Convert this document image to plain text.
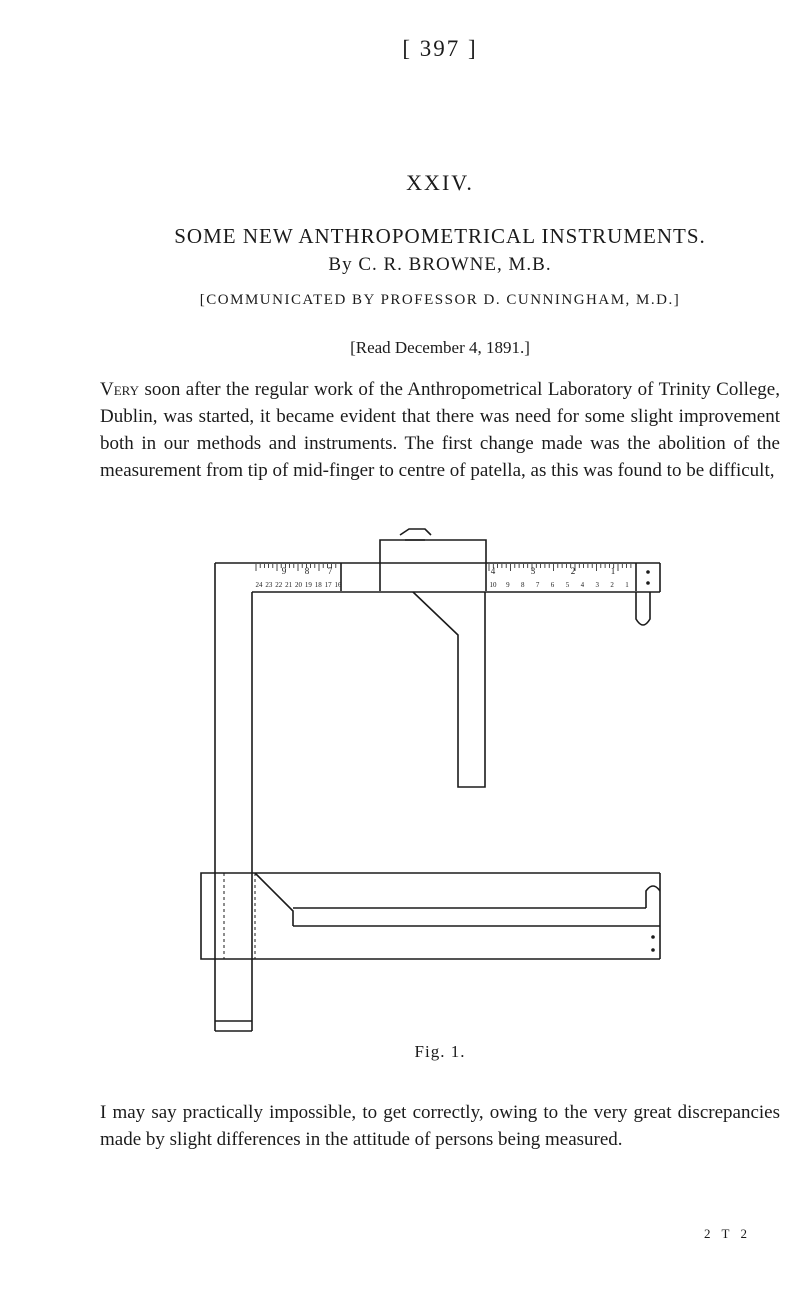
[ 397 ]
XXIV.
SOME NEW ANTHROPOMETRICAL INSTRUMENTS.
By C. R. BROWNE, M.B.
[COMMUNICATED BY PROFESSOR D. CUNNINGHAM, M.D.]
[Read December 4, 1891.]
Very soon after the regular work of the Anthropometrical Laboratory of Trinity College, Dublin, was started, it became evident that there was need for some slight improvement both in our methods and instruments. The first change made was the abolition of the measurement from tip of mid-finger to centre of patella, as this was found to be difficult,
9 8 7
24 23 22 21 20 19 18 17 16
4	3	2	1
10 9 8 7 6 5 4 3 2 1
Fig. 1.
I may say practically impossible, to get correctly, owing to the very great discrepancies made by slight differences in the attitude of persons being measured.
2 T 2
